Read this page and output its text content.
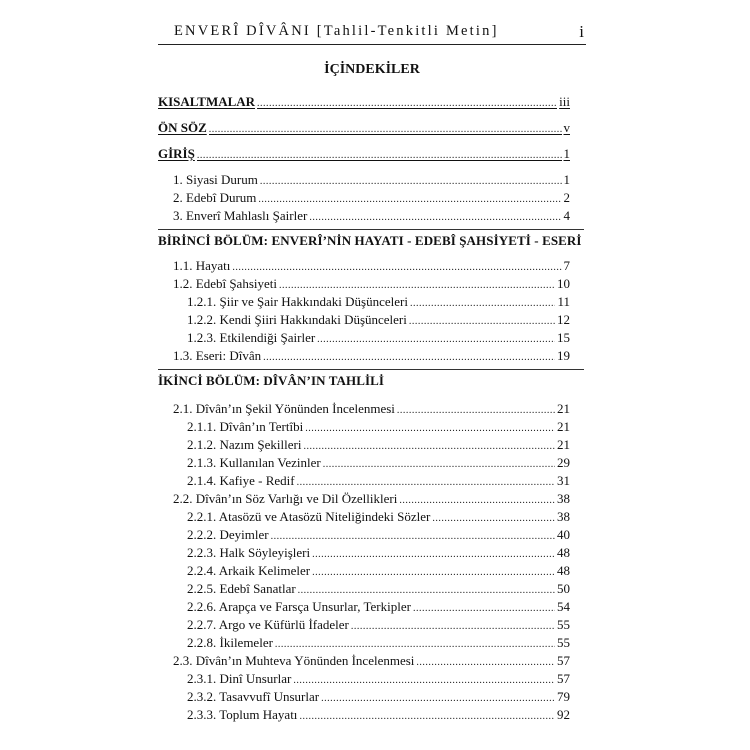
ENVERÎ DÎVÂNI [Tahlil-Tenkitli Metin]	i
İÇİNDEKİLER
KISALTMALAR .....	iii
ÖN SÖZ .....	v
GİRİŞ .....	1
1. Siyasi Durum .....	1
2. Edebî Durum .....	2
3. Enverî Mahlaslı Şairler .....	4
BİRİNCİ BÖLÜM: ENVERÎ’NİN HAYATI - EDEBÎ ŞAHSİYETİ - ESERİ
1.1. Hayatı .....	7
1.2. Edebî Şahsiyeti .....	10
1.2.1. Şiir ve Şair Hakkındaki Düşünceleri .....	11
1.2.2. Kendi Şiiri Hakkındaki Düşünceleri .....	12
1.2.3. Etkilendiği Şairler .....	15
1.3. Eseri: Dîvân .....	19
İKİNCİ BÖLÜM: DÎVÂN’IN TAHLİLİ
2.1. Dîvân’ın Şekil Yönünden İncelenmesi .....	21
2.1.1. Dîvân’ın Tertîbi .....	21
2.1.2. Nazım Şekilleri .....	21
2.1.3. Kullanılan Vezinler .....	29
2.1.4. Kafiye - Redif .....	31
2.2. Dîvân’ın Söz Varlığı ve Dil Özellikleri .....	38
2.2.1. Atasözü ve Atasözü Niteliğindeki Sözler .....	38
2.2.2. Deyimler .....	40
2.2.3. Halk Söyleyişleri .....	48
2.2.4. Arkaik Kelimeler .....	48
2.2.5. Edebî Sanatlar .....	50
2.2.6. Arapça ve Farsça Unsurlar, Terkipler .....	54
2.2.7. Argo ve Küfürlü İfadeler .....	55
2.2.8. İkilemeler .....	55
2.3. Dîvân’ın Muhteva Yönünden İncelenmesi .....	57
2.3.1. Dinî Unsurlar .....	57
2.3.2. Tasavvufî Unsurlar .....	79
2.3.3. Toplum Hayatı .....	92
